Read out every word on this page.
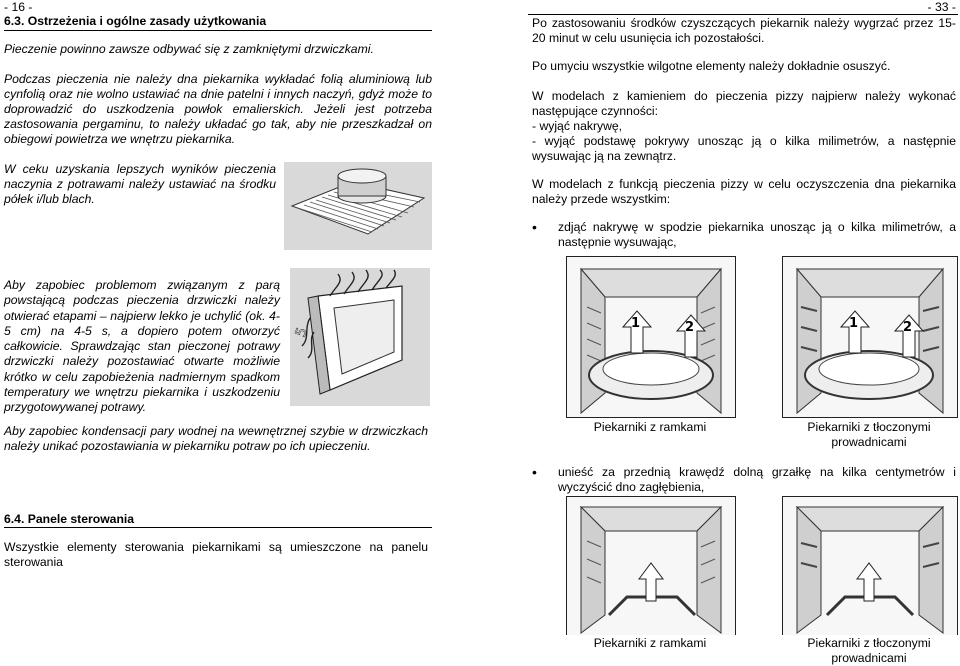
- 16 -
6.3. Ostrzeżenia i ogólne zasady użytkowania
Pieczenie powinno zawsze odbywać się z zamkniętymi drzwiczkami.
Podczas pieczenia nie należy dna piekarnika wykładać folią aluminiową lub cynfolią oraz nie wolno ustawiać na dnie patelni i innych naczyń, gdyż może to doprowadzić do uszkodzenia powłok emalierskich. Jeżeli jest potrzeba zastosowania pergaminu, to należy układać go tak, aby nie przeszkadzał on obiegowi powietrza we wnętrzu piekarnika.
W ceku uzyskania lepszych wyników pieczenia naczynia z potrawami należy ustawiać na środku półek i/lub blach.
Aby zapobiec problemom związanym z parą powstającą podczas pieczenia drzwiczki należy otwierać etapami – najpierw lekko je uchylić (ok. 4-5 cm) na 4-5 s, a dopiero potem otworzyć całkowicie. Sprawdzając stan pieczonej potrawy drzwiczki należy pozostawiać otwarte możliwie krótko w celu zapobieżenia nadmiernym spadkom temperatury we wnętrzu piekarnika i uszkodzeniu przygotowywanej potrawy.
5
Aby zapobiec kondensacji pary wodnej na wewnętrznej szybie w drzwiczkach należy unikać pozostawiania w piekarniku potraw po ich upieczeniu.
6.4. Panele sterowania
Wszystkie elementy sterowania piekarnikami są umieszczone na panelu sterowania
- 33 -
Po zastosowaniu środków czyszczących piekarnik należy wygrzać przez 15-20 minut w celu usunięcia ich pozostałości.
Po umyciu wszystkie wilgotne elementy należy dokładnie osuszyć.
W modelach z kamieniem do pieczenia pizzy najpierw należy wykonać następujące czynności:
- wyjąć nakrywę,
- wyjąć podstawę pokrywy unosząc ją o kilka milimetrów, a następnie wysuwając ją na zewnątrz.
W modelach z funkcją pieczenia pizzy w celu oczyszczenia dna piekarnika należy przede wszystkim:
• zdjąć nakrywę w spodzie piekarnika unosząc ją o kilka milimetrów, a następnie wysuwając,
1	2	1	2
Piekarniki z ramkami	Piekarniki z tłoczonymi prowadnicami
• unieść za przednią krawędź dolną grzałkę na kilka centymetrów i wyczyścić dno zagłębienia,
Piekarniki z ramkami	Piekarniki z tłoczonymi prowadnicami
